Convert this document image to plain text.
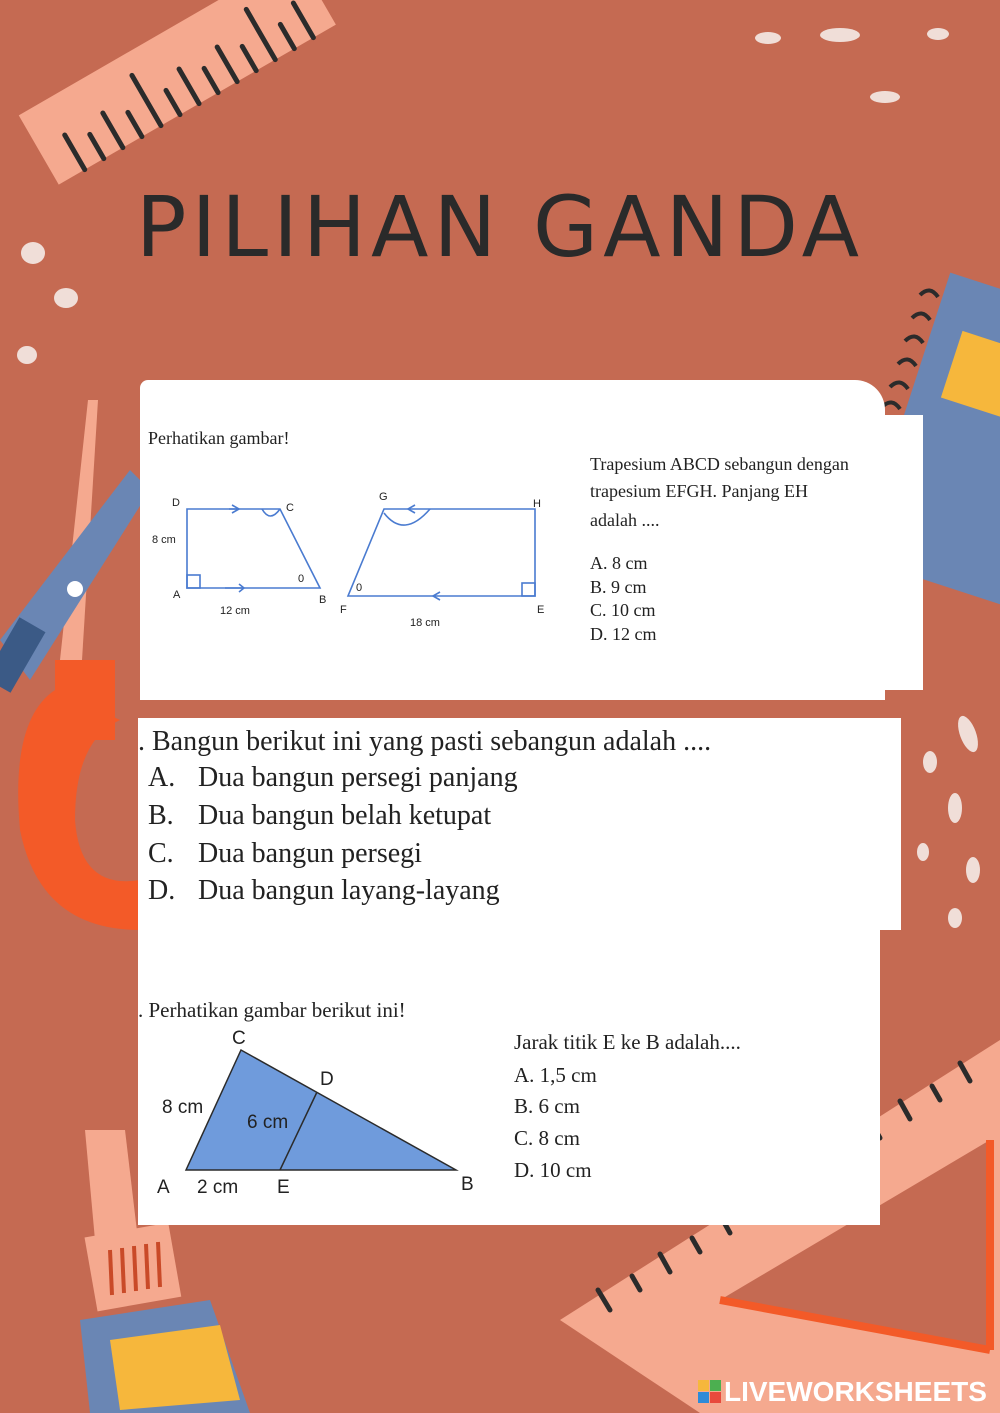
PILIHAN GANDA
Perhatikan gambar!
Trapesium ABCD sebangun dengan
trapesium EFGH. Panjang EH
adalah ....
A. 8 cm
B. 9 cm
C. 10 cm
D. 12 cm
D	C
A	B
8 cm
12 cm
0
G
H
F	E
0
18 cm
. Bangun berikut ini yang pasti sebangun adalah ....
A. Dua bangun persegi panjang
B. Dua bangun belah ketupat
C. Dua bangun persegi
D. Dua bangun layang-layang
. Perhatikan gambar berikut ini!
Jarak titik E ke B adalah....
A. 1,5 cm
B. 6 cm
C. 8 cm
D. 10 cm
C
D
A	E	B
8 cm
6 cm
2 cm
LIVEWORKSHEETS
